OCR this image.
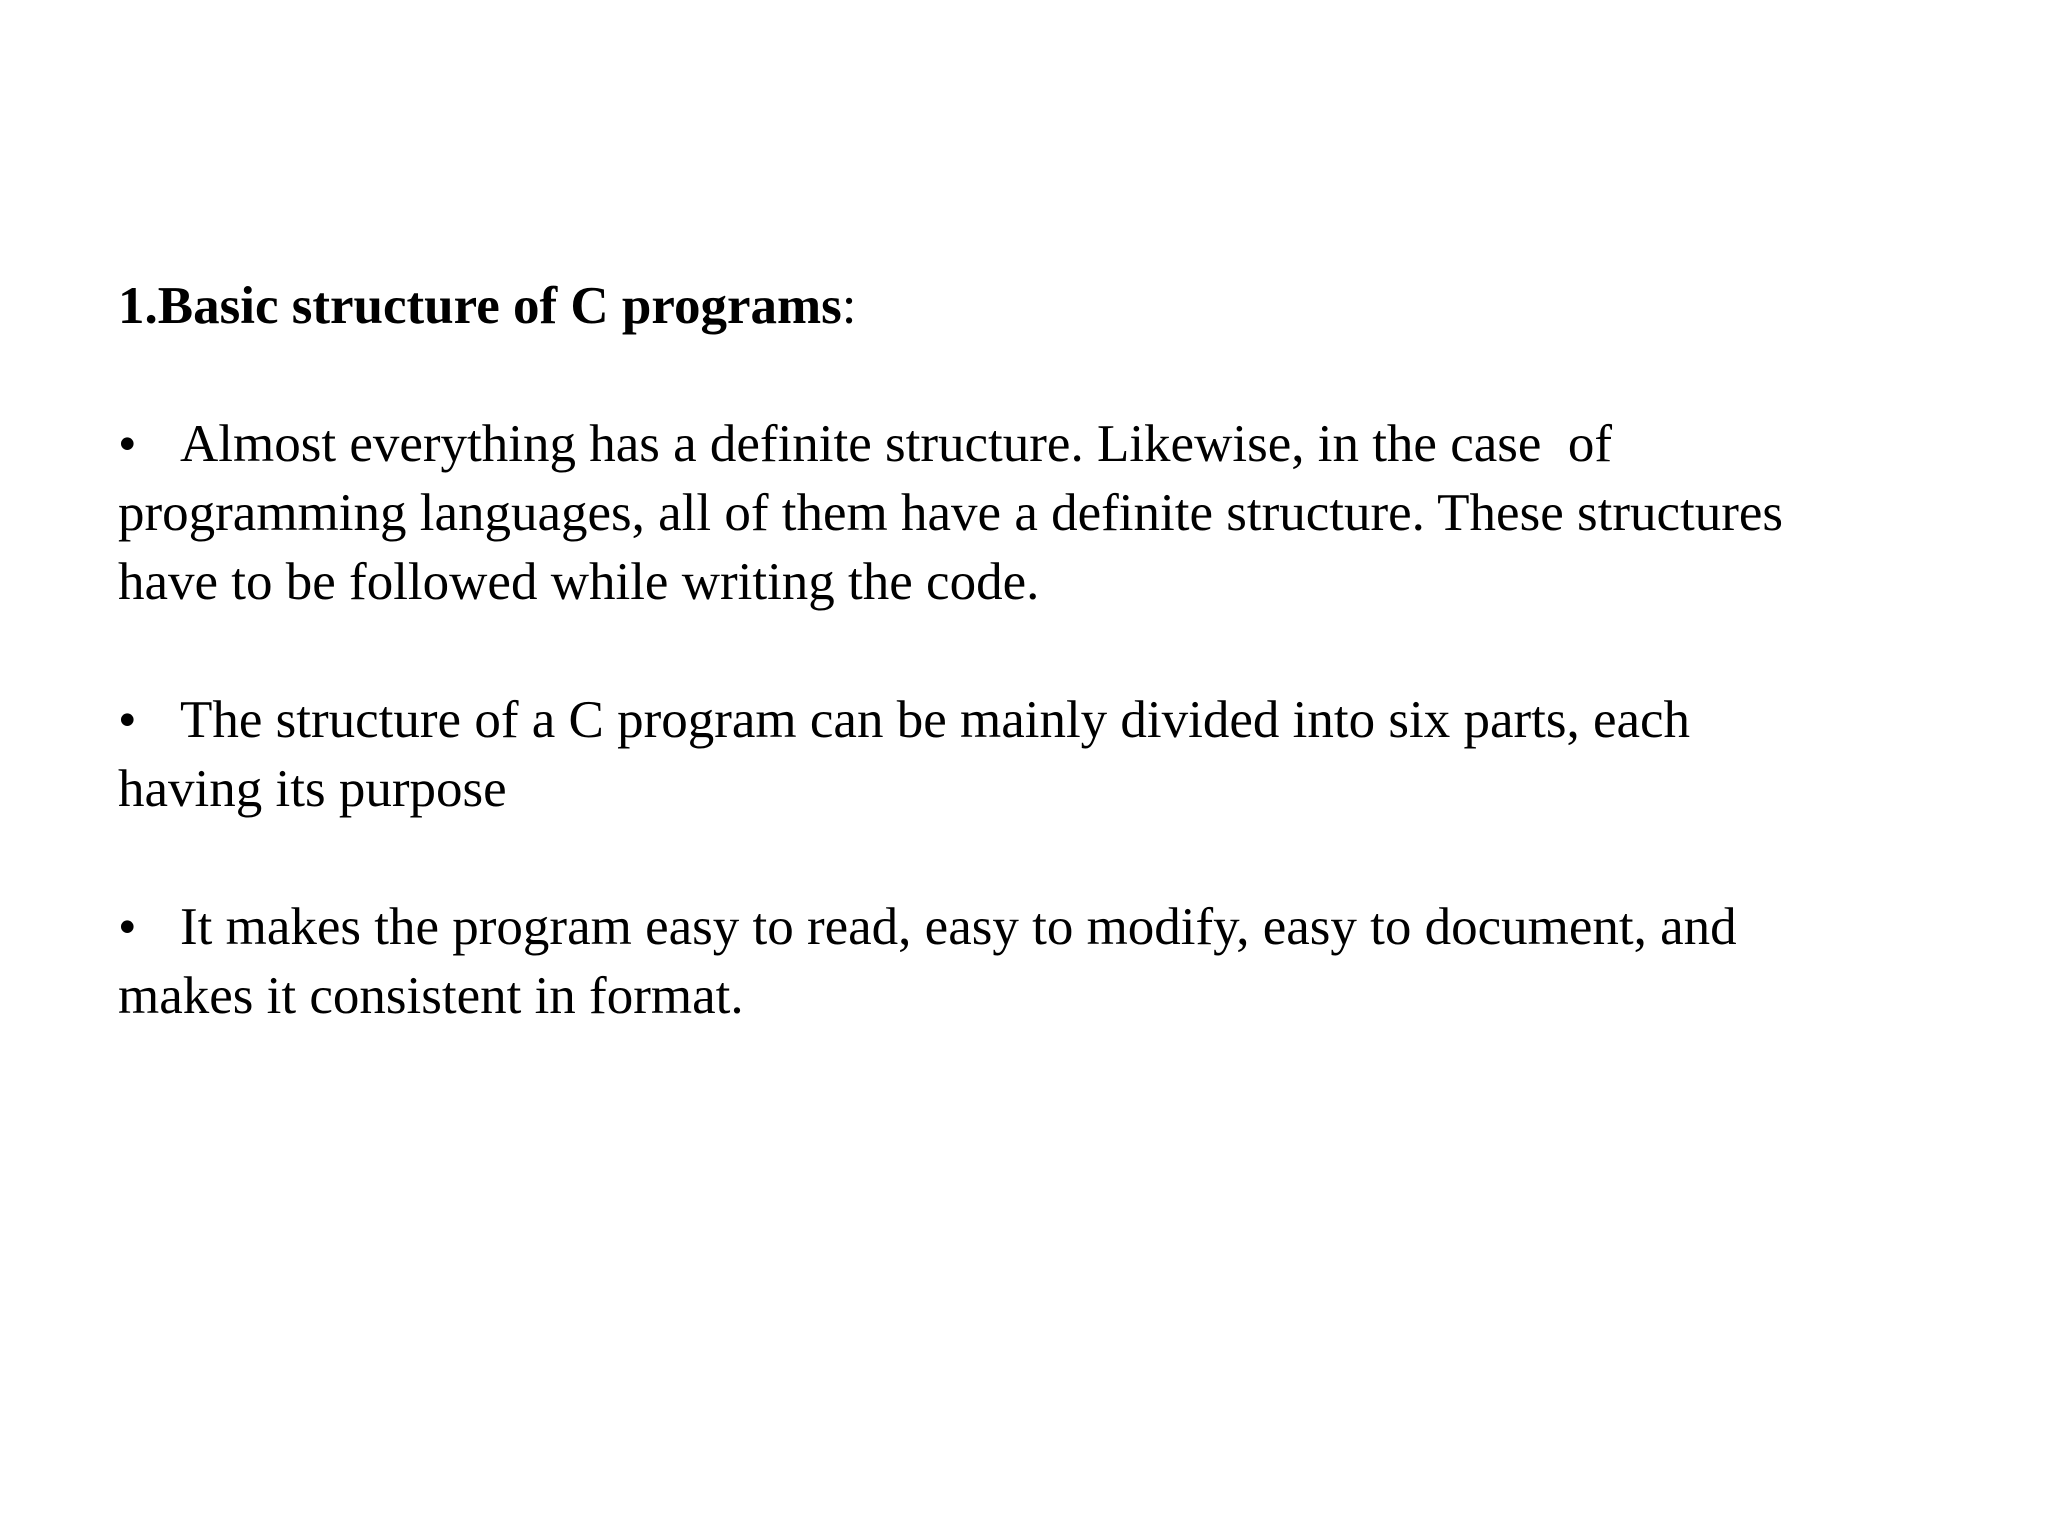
1.Basic structure of C programs:
• Almost everything has a definite structure. Likewise, in the case  of
programming languages, all of them have a definite structure. These structures
have to be followed while writing the code.
• The structure of a C program can be mainly divided into six parts, each
having its purpose
• It makes the program easy to read, easy to modify, easy to document, and
makes it consistent in format.
